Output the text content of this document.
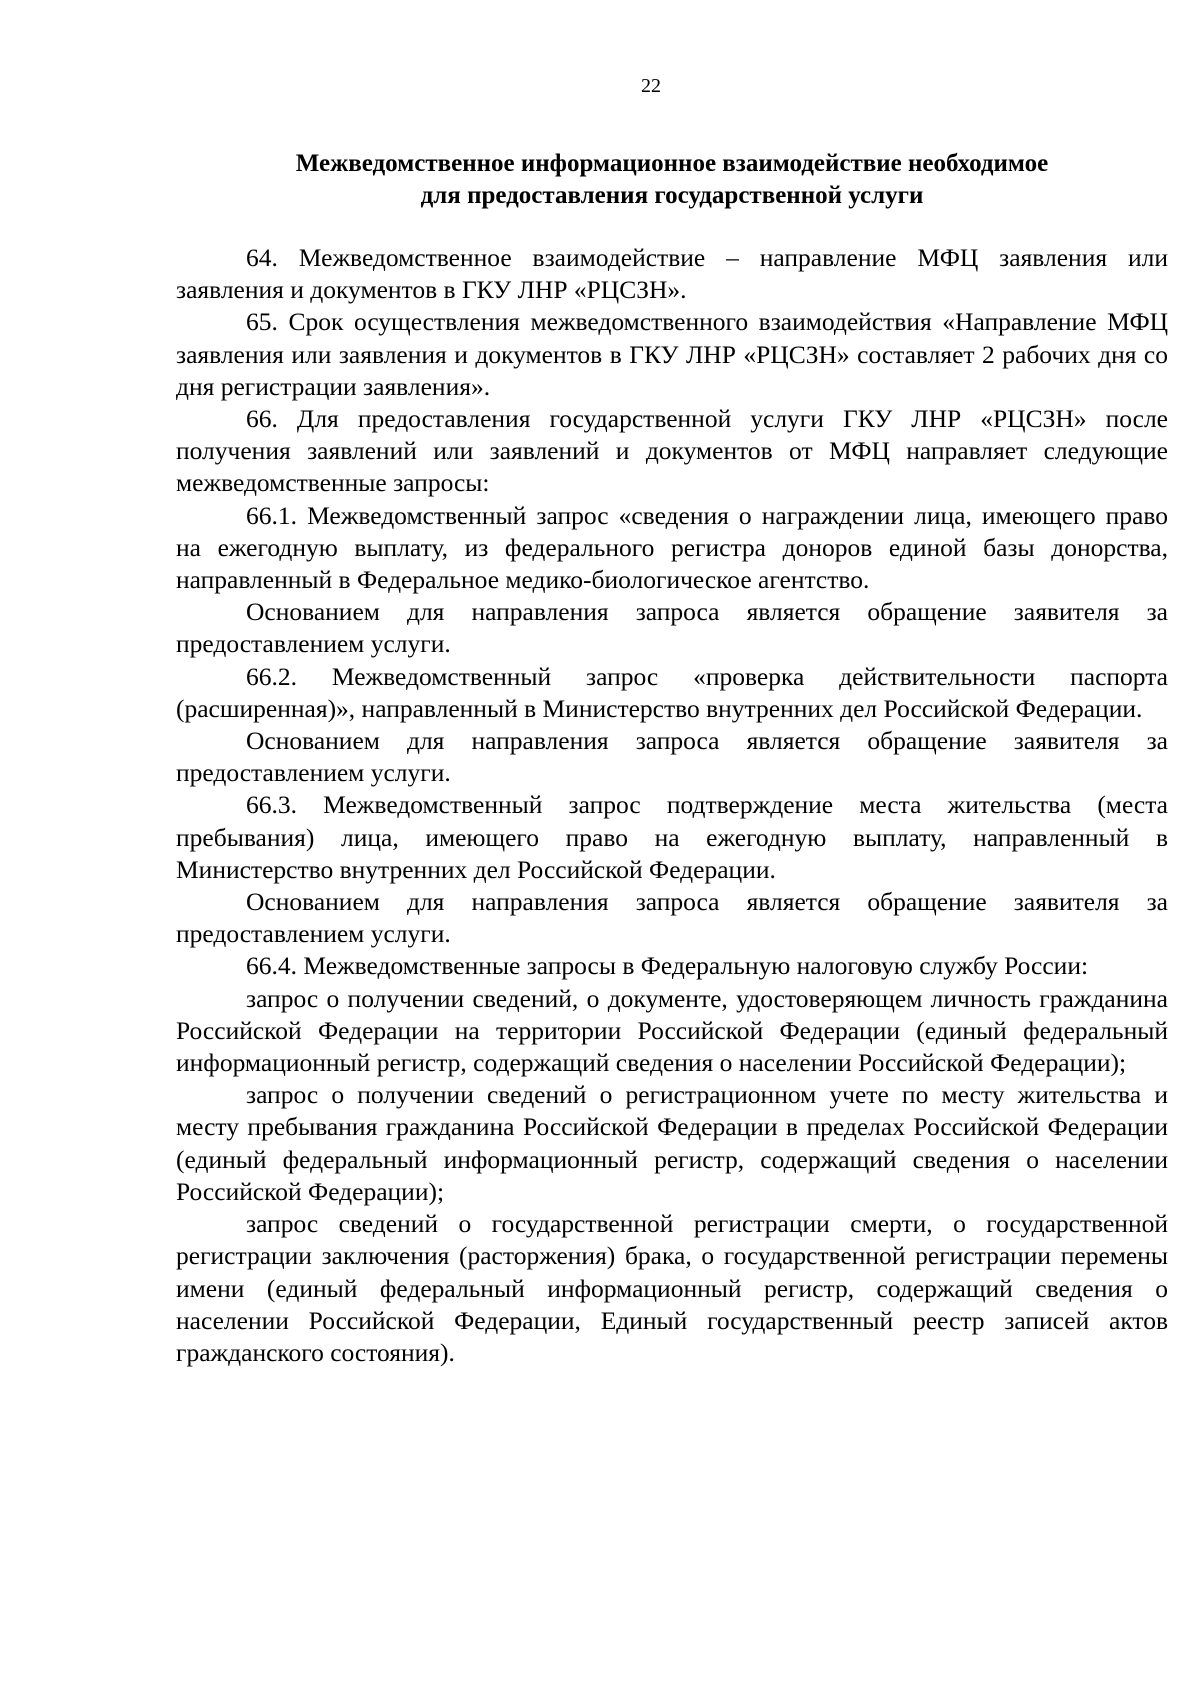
22
Межведомственное информационное взаимодействие необходимое
для предоставления государственной услуги

64. Межведомственное взаимодействие – направление МФЦ заявления или заявления и документов в ГКУ ЛНР «РЦСЗН».

65. Срок осуществления межведомственного взаимодействия «Направление МФЦ заявления или заявления и документов в ГКУ ЛНР «РЦСЗН» составляет 2 рабочих дня со дня регистрации заявления».

66. Для предоставления государственной услуги ГКУ ЛНР «РЦСЗН» после получения заявлений или заявлений и документов от МФЦ направляет следующие межведомственные запросы:

66.1. Межведомственный запрос «сведения о награждении лица, имеющего право на ежегодную выплату, из федерального регистра доноров единой базы донорства, направленный в Федеральное медико-биологическое агентство.

Основанием для направления запроса является обращение заявителя за предоставлением услуги.

66.2. Межведомственный запрос «проверка действительности паспорта (расширенная)», направленный в Министерство внутренних дел Российской Федерации.

Основанием для направления запроса является обращение заявителя за предоставлением услуги.

66.3. Межведомственный запрос подтверждение места жительства (места пребывания) лица, имеющего право на ежегодную выплату, направленный в Министерство внутренних дел Российской Федерации.

Основанием для направления запроса является обращение заявителя за предоставлением услуги.

66.4. Межведомственные запросы в Федеральную налоговую службу России:

запрос о получении сведений, о документе, удостоверяющем личность гражданина Российской Федерации на территории Российской Федерации (единый федеральный информационный регистр, содержащий сведения о населении Российской Федерации);

запрос о получении сведений о регистрационном учете по месту жительства и месту пребывания гражданина Российской Федерации в пределах Российской Федерации (единый федеральный информационный регистр, содержащий сведения о населении Российской Федерации);

запрос сведений о государственной регистрации смерти, о государственной регистрации заключения (расторжения) брака, о государственной регистрации перемены имени (единый федеральный информационный регистр, содержащий сведения о населении Российской Федерации, Единый государственный реестр записей актов гражданского состояния).
